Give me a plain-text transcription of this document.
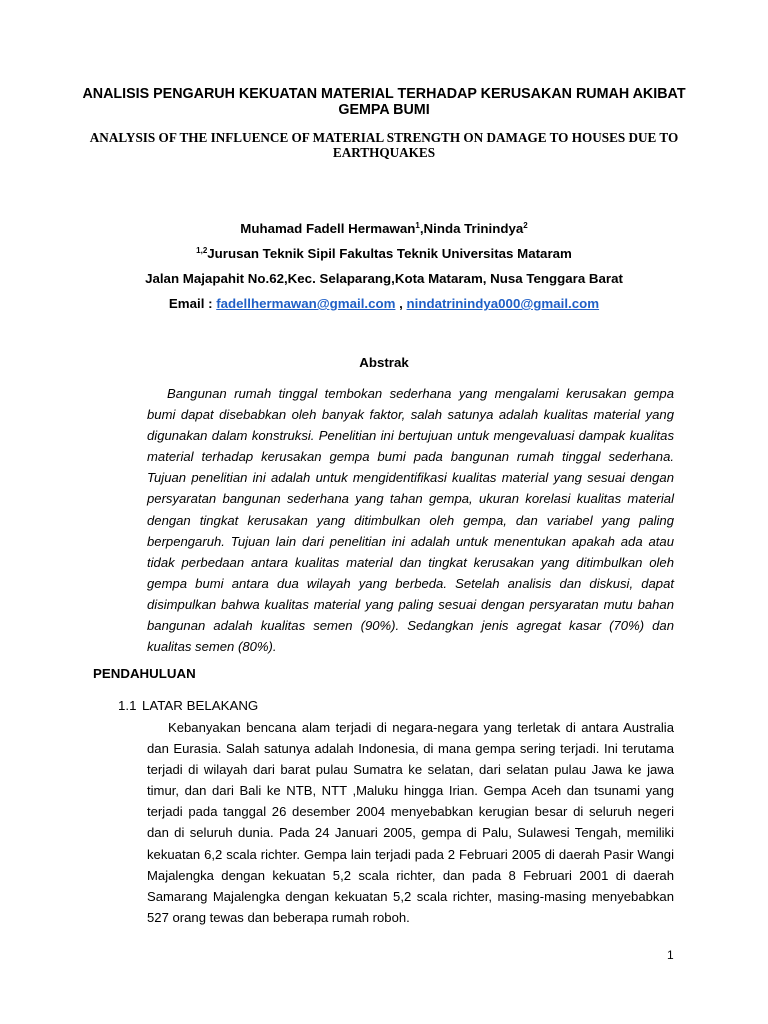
ANALISIS PENGARUH KEKUATAN MATERIAL TERHADAP KERUSAKAN RUMAH AKIBAT GEMPA BUMI
ANALYSIS OF THE INFLUENCE OF MATERIAL STRENGTH ON DAMAGE TO HOUSES DUE TO EARTHQUAKES
Muhamad Fadell Hermawan$^1$,Ninda Trinindya$^2$
$^{1,2}$Jurusan Teknik Sipil Fakultas Teknik Universitas Mataram
Jalan Majapahit No.62,Kec. Selaparang,Kota Mataram, Nusa Tenggara Barat
Email : fadellhermawan@gmail.com , nindatrinindya000@gmail.com
Abstrak

Bangunan rumah tinggal tembokan sederhana yang mengalami kerusakan gempa bumi dapat disebabkan oleh banyak faktor, salah satunya adalah kualitas material yang digunakan dalam konstruksi. Penelitian ini bertujuan untuk mengevaluasi dampak kualitas material terhadap kerusakan gempa bumi pada bangunan rumah tinggal sederhana. Tujuan penelitian ini adalah untuk mengidentifikasi kualitas material yang sesuai dengan persyaratan bangunan sederhana yang tahan gempa, ukuran korelasi kualitas material dengan tingkat kerusakan yang ditimbulkan oleh gempa, dan variabel yang paling berpengaruh. Tujuan lain dari penelitian ini adalah untuk menentukan apakah ada atau tidak perbedaan antara kualitas material dan tingkat kerusakan yang ditimbulkan oleh gempa bumi antara dua wilayah yang berbeda. Setelah analisis dan diskusi, dapat disimpulkan bahwa kualitas material yang paling sesuai dengan persyaratan mutu bahan bangunan adalah kualitas semen (90%). Sedangkan jenis agregat kasar (70%) dan kualitas semen (80%).

PENDAHULUAN
1.1 LATAR BELAKANG

Kebanyakan bencana alam terjadi di negara-negara yang terletak di antara Australia dan Eurasia. Salah satunya adalah Indonesia, di mana gempa sering terjadi. Ini terutama terjadi di wilayah dari barat pulau Sumatra ke selatan, dari selatan pulau Jawa ke jawa timur, dan dari Bali ke NTB, NTT ,Maluku hingga Irian. Gempa Aceh dan tsunami yang terjadi pada tanggal 26 desember 2004 menyebabkan kerugian besar di seluruh negeri dan di seluruh dunia. Pada 24 Januari 2005, gempa di Palu, Sulawesi Tengah, memiliki kekuatan 6,2 scala richter. Gempa lain terjadi pada 2 Februari 2005 di daerah Pasir Wangi Majalengka dengan kekuatan 5,2 scala richter, dan pada 8 Februari 2001 di daerah Samarang Majalengka dengan kekuatan 5,2 scala richter, masing-masing menyebabkan 527 orang tewas dan beberapa rumah roboh.

1
